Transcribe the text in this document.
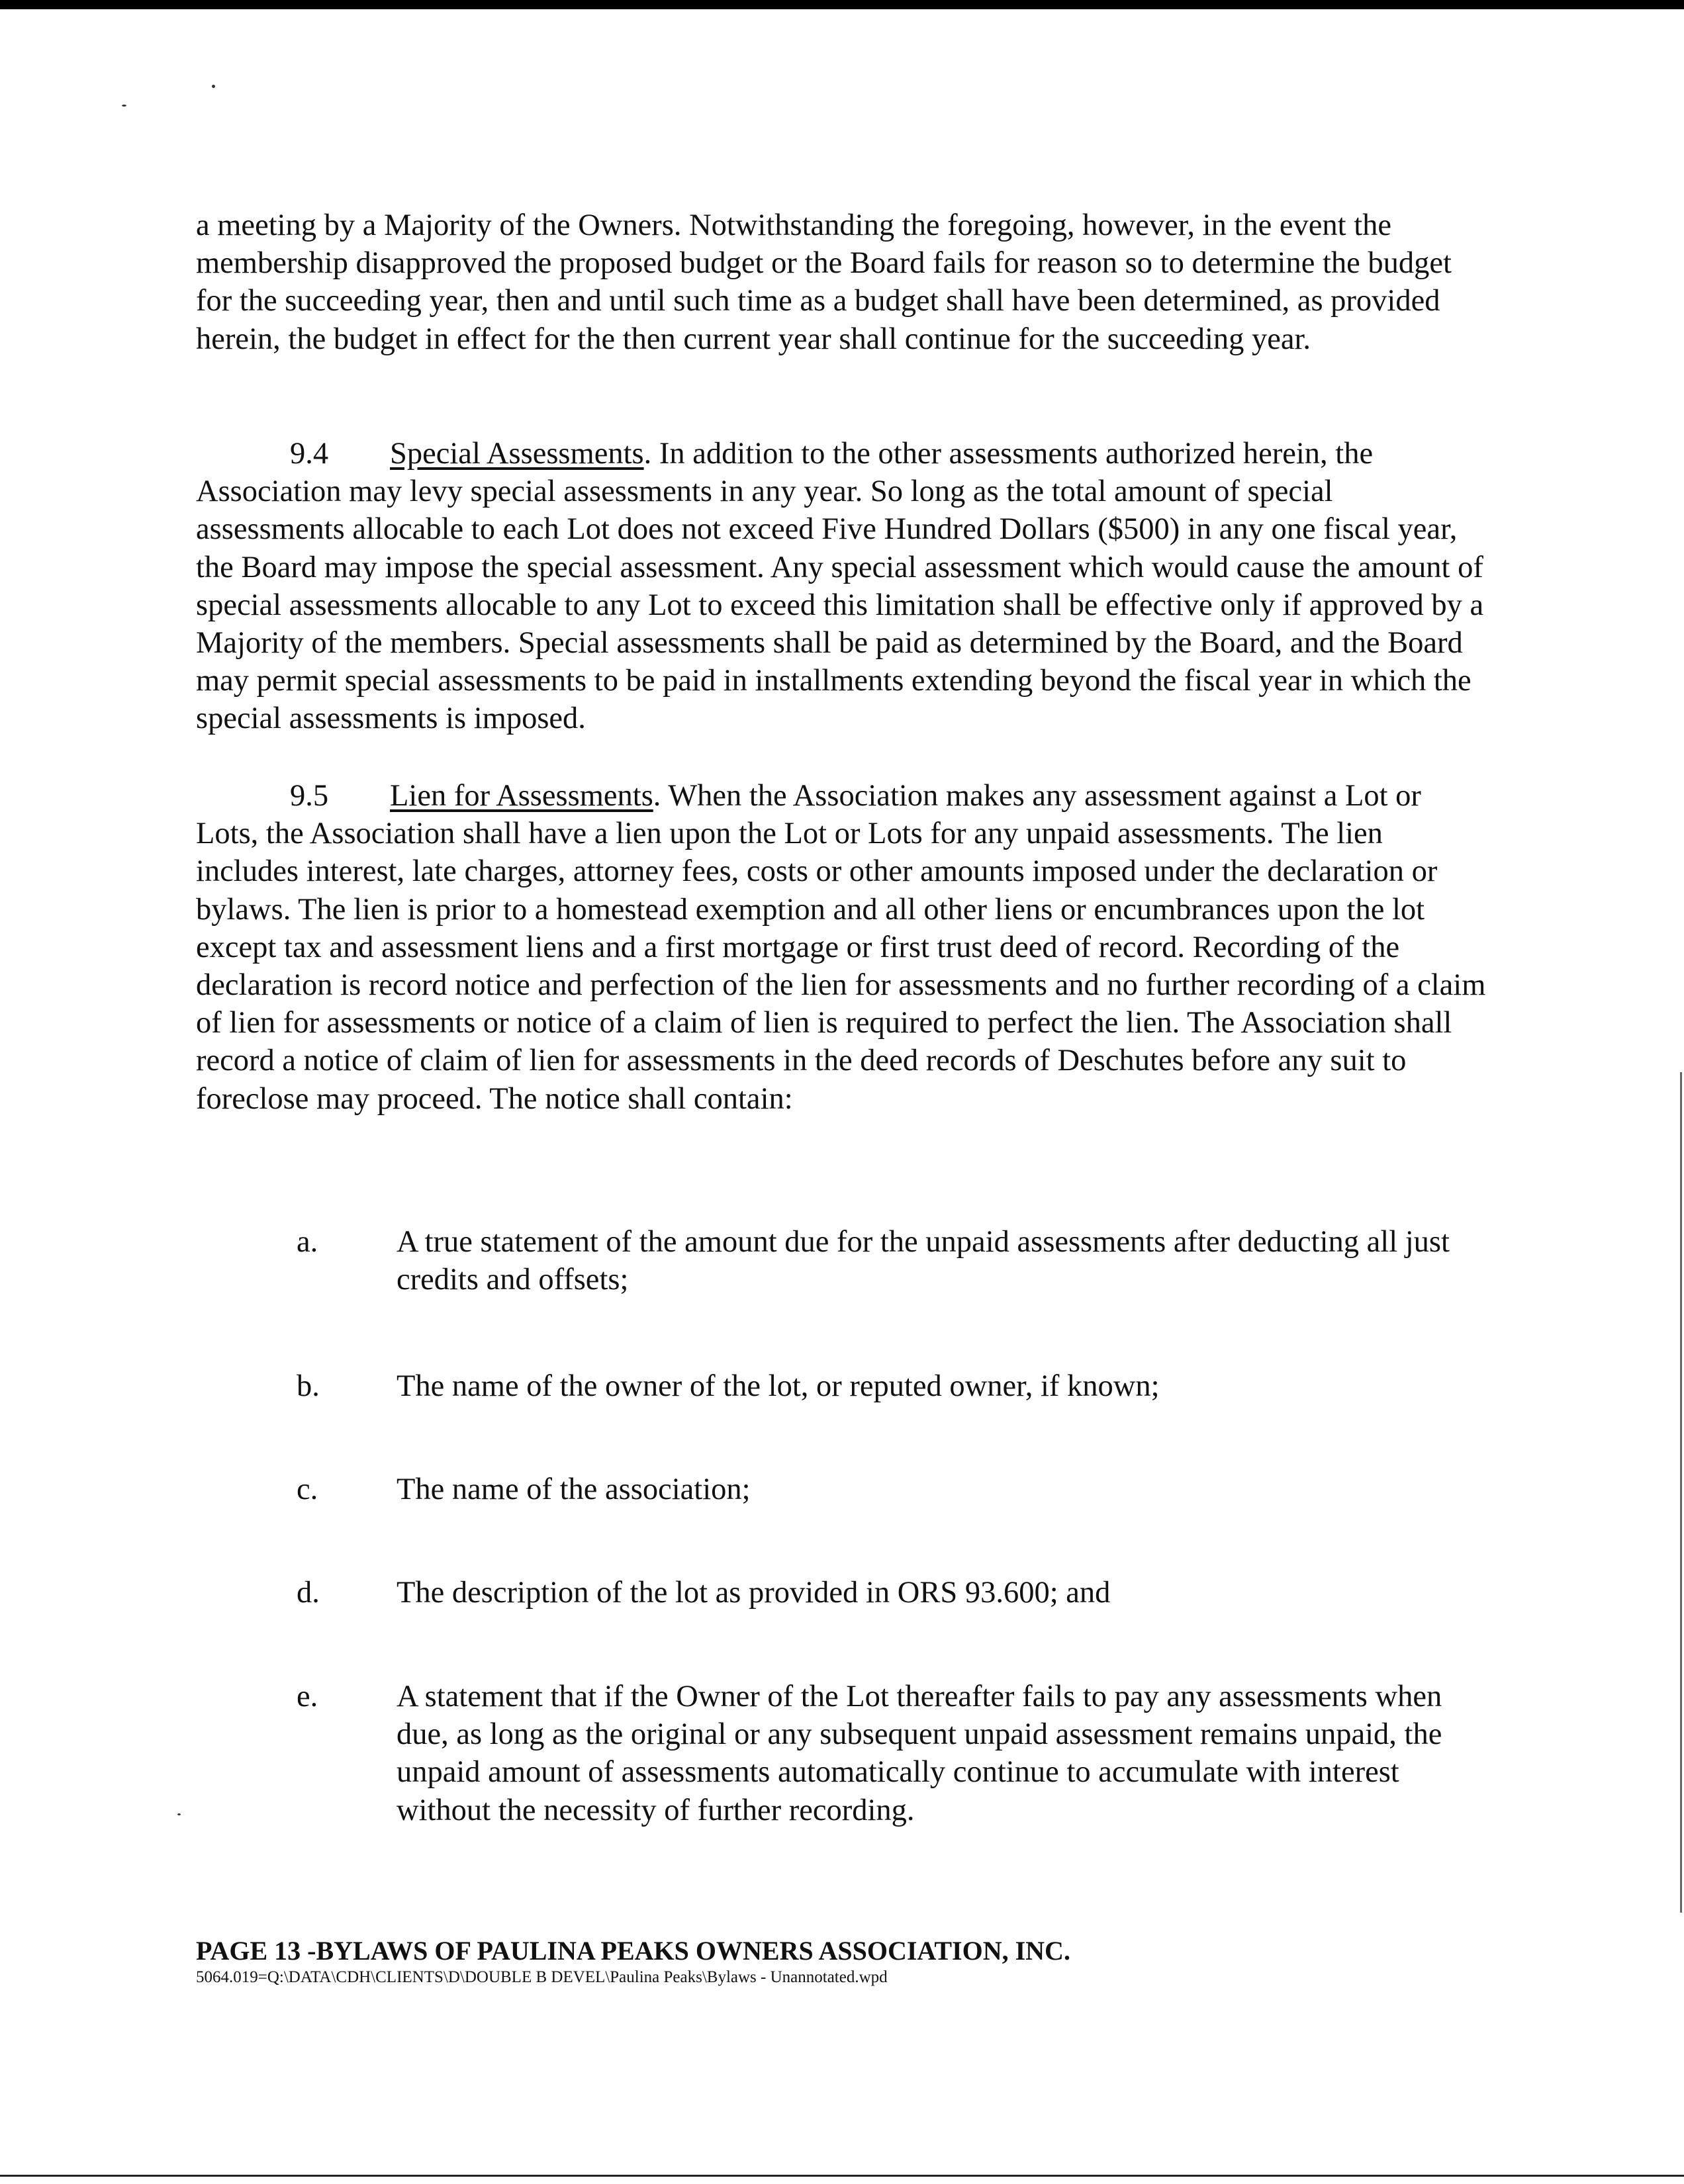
a meeting by a Majority of the Owners. Notwithstanding the foregoing, however, in the event the membership disapproved the proposed budget or the Board fails for reason so to determine the budget for the succeeding year, then and until such time as a budget shall have been determined, as provided herein, the budget in effect for the then current year shall continue for the succeeding year.

9.4 Special Assessments. In addition to the other assessments authorized herein, the Association may levy special assessments in any year. So long as the total amount of special assessments allocable to each Lot does not exceed Five Hundred Dollars ($500) in any one fiscal year, the Board may impose the special assessment. Any special assessment which would cause the amount of special assessments allocable to any Lot to exceed this limitation shall be effective only if approved by a Majority of the members. Special assessments shall be paid as determined by the Board, and the Board may permit special assessments to be paid in installments extending beyond the fiscal year in which the special assessments is imposed.

9.5 Lien for Assessments. When the Association makes any assessment against a Lot or Lots, the Association shall have a lien upon the Lot or Lots for any unpaid assessments. The lien includes interest, late charges, attorney fees, costs or other amounts imposed under the declaration or bylaws. The lien is prior to a homestead exemption and all other liens or encumbrances upon the lot except tax and assessment liens and a first mortgage or first trust deed of record. Recording of the declaration is record notice and perfection of the lien for assessments and no further recording of a claim of lien for assessments or notice of a claim of lien is required to perfect the lien. The Association shall record a notice of claim of lien for assessments in the deed records of Deschutes before any suit to foreclose may proceed. The notice shall contain:

a.	A true statement of the amount due for the unpaid assessments after deducting all just credits and offsets;
b. The name of the owner of the lot, or reputed owner, if known;
c.	The name of the association;
d. The description of the lot as provided in ORS 93.600; and
e.	A statement that if the Owner of the Lot thereafter fails to pay any assessments when due, as long as the original or any subsequent unpaid assessment remains unpaid, the unpaid amount of assessments automatically continue to accumulate with interest without the necessity of further recording.
PAGE 13 -BYLAWS OF PAULINA PEAKS OWNERS ASSOCIATION, INC.
5064.019=Q:\DATA\CDH\CLIENTS\D\DOUBLE B DEVEL\Paulina Peaks\Bylaws - Unannotated.wpd
